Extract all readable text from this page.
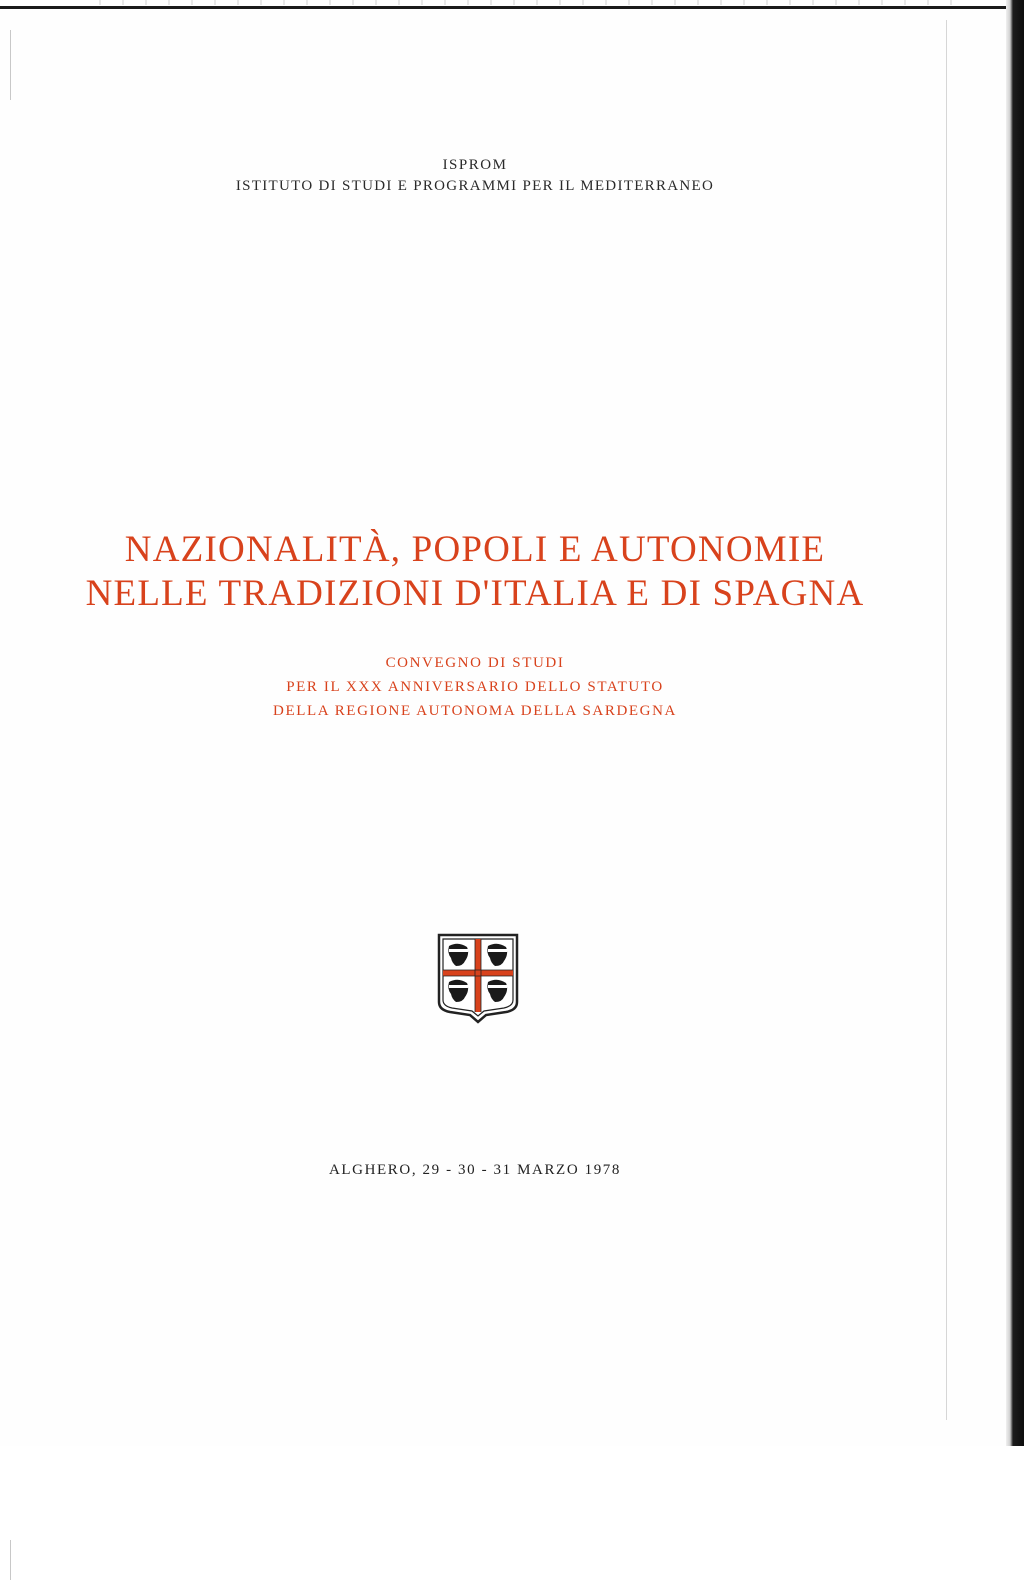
ISPROM
ISTITUTO DI STUDI E PROGRAMMI PER IL MEDITERRANEO
NAZIONALITÀ, POPOLI E AUTONOMIE
NELLE TRADIZIONI D'ITALIA E DI SPAGNA
CONVEGNO DI STUDI
PER IL XXX ANNIVERSARIO DELLO STATUTO
DELLA REGIONE AUTONOMA DELLA SARDEGNA
ALGHERO, 29 - 30 - 31 MARZO 1978
